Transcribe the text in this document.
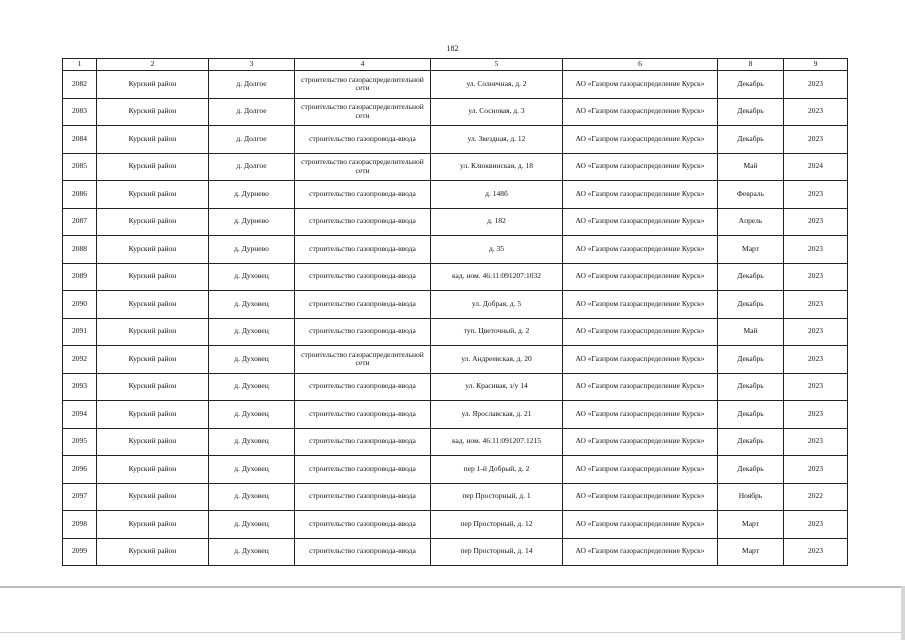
182
1	2	3	4	5	6	8	9
2082	Курский район	д. Долгое	строительство газораспределительной сети	ул. Солнечная, д. 2	АО «Газпром газораспределение Курск»	Декабрь	2023
2083	Курский район	д. Долгое	строительство газораспределительной сети	ул. Сосновая, д. 3	АО «Газпром газораспределение Курск»	Декабрь	2023
2084	Курский район	д. Долгое	строительство газопровода-ввода	ул. Звездная, д. 12	АО «Газпром газораспределение Курск»	Декабрь	2023
2085	Курский район	д. Долгое	строительство газораспределительной сети	ул. Клюквинская, д. 18	АО «Газпром газораспределение Курск»	Май	2024
2086	Курский район	д. Дурнево	строительство газопровода-ввода	д. 148б	АО «Газпром газораспределение Курск»	Февраль	2023
2087	Курский район	д. Дурнево	строительство газопровода-ввода	д. 182	АО «Газпром газораспределение Курск»	Апрель	2023
2088	Курский район	д. Дурнево	строительство газопровода-ввода	д. 35	АО «Газпром газораспределение Курск»	Март	2023
2089	Курский район	д. Духовец	строительство газопровода-ввода	кад. ном. 46:11:091207:1032	АО «Газпром газораспределение Курск»	Декабрь	2023
2090	Курский район	д. Духовец	строительство газопровода-ввода	ул. Добрая, д. 5	АО «Газпром газораспределение Курск»	Декабрь	2023
2091	Курский район	д. Духовец	строительство газопровода-ввода	туп. Цветочный, д. 2	АО «Газпром газораспределение Курск»	Май	2023
2092	Курский район	д. Духовец	строительство газораспределительной сети	ул. Андреевская, д. 20	АО «Газпром газораспределение Курск»	Декабрь	2023
2093	Курский район	д. Духовец	строительство газопровода-ввода	ул. Красивая, з/у 14	АО «Газпром газораспределение Курск»	Декабрь	2023
2094	Курский район	д. Духовец	строительство газопровода-ввода	ул. Ярославская, д. 21	АО «Газпром газораспределение Курск»	Декабрь	2023
2095	Курский район	д. Духовец	строительство газопровода-ввода	кад. ном. 46:11:091207:1215	АО «Газпром газораспределение Курск»	Декабрь	2023
2096	Курский район	д. Духовец	строительство газопровода-ввода	пер 1-й Добрый, д. 2	АО «Газпром газораспределение Курск»	Декабрь	2023
2097	Курский район	д. Духовец	строительство газопровода-ввода	пер Просторный, д. 1	АО «Газпром газораспределение Курск»	Ноябрь	2022
2098	Курский район	д. Духовец	строительство газопровода-ввода	пер Просторный, д. 12	АО «Газпром газораспределение Курск»	Март	2023
2099	Курский район	д. Духовец	строительство газопровода-ввода	пер Просторный, д. 14	АО «Газпром газораспределение Курск»	Март	2023
